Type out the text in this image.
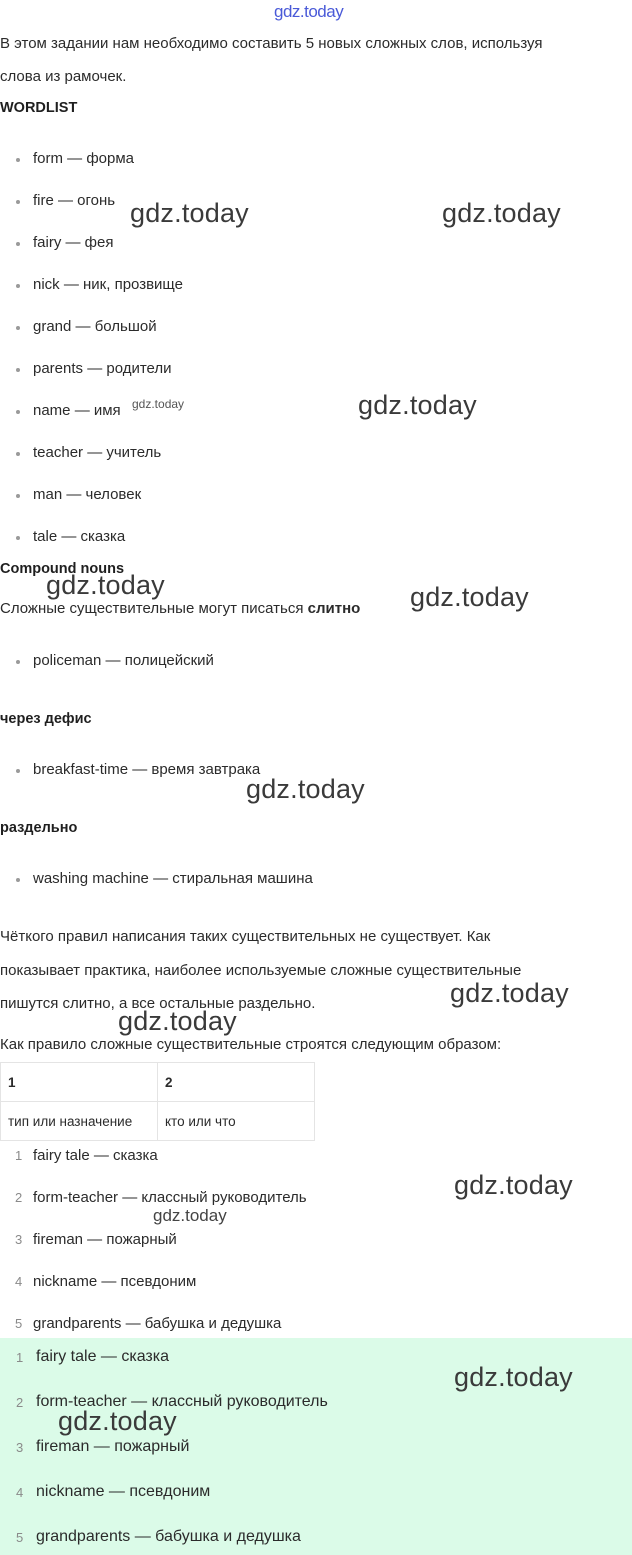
gdz.today
В этом задании нам необходимо составить 5 новых сложных слов, используя
слова из рамочек.
WORDLIST
form — форма
fire — огонь
fairy — фея
nick — ник, прозвище
grand — большой
parents — родители
name — имя
teacher — учитель
man — человек
tale — сказка
Compound nouns
Сложные существительные могут писаться слитно
policeman — полицейский
через дефис
breakfast-time — время завтрака
раздельно
washing machine — стиральная машина
Чёткого правил написания таких существительных не существует. Как
показывает практика, наиболее используемые сложные существительные
пишутся слитно, а все остальные раздельно.
Как правило сложные существительные строятся следующим образом:
1	2
тип или назначение	кто или что
1 fairy tale — сказка
2 form-teacher — классный руководитель
3 fireman — пожарный
4 nickname — псевдоним
5 grandparents — бабушка и дедушка
1 fairy tale — сказка
2 form-teacher — классный руководитель
3 fireman — пожарный
4 nickname — псевдоним
5 grandparents — бабушка и дедушка
gdz.today	gdz.today
gdz.today	gdz.today
gdz.today	gdz.today
gdz.today
gdz.today
gdz.today
gdz.today
gdz.today
gdz.today
gdz.today
